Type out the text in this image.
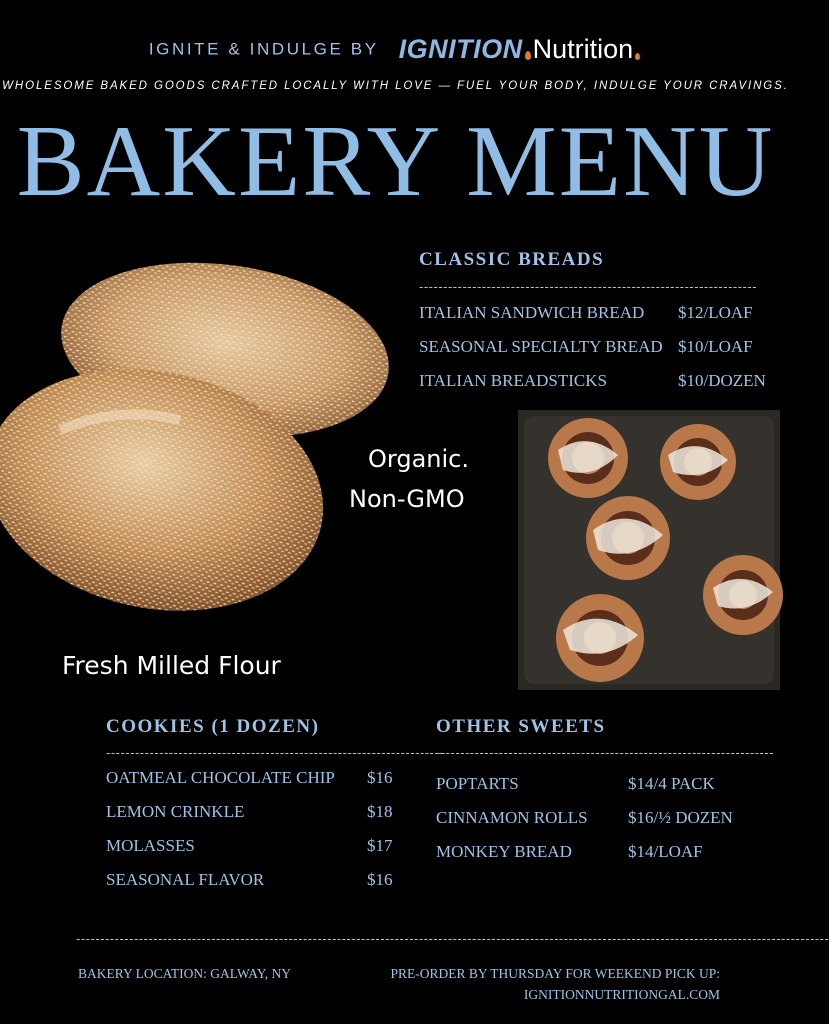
IGNITE & INDULGE BY IGNITION Nutrition
WHOLESOME BAKED GOODS CRAFTED LOCALLY WITH LOVE — FUEL YOUR BODY, INDULGE YOUR CRAVINGS.
BAKERY MENU
Organic.
Non-GMO
Fresh Milled Flour
CLASSIC BREADS
----------------------------------------------------------------------
ITALIAN SANDWICH BREAD $12/LOAF
SEASONAL SPECIALTY BREAD $10/LOAF
ITALIAN BREADSTICKS	$10/DOZEN
COOKIES (1 DOZEN)
----------------------------------------------------------------------
OATMEAL CHOCOLATE CHIP $16
LEMON CRINKLE	$18
MOLASSES	$17
SEASONAL FLAVOR	$16
OTHER SWEETS
----------------------------------------------------------------------
POPTARTS	$14/4 PACK
CINNAMON ROLLS $16/½ DOZEN
MONKEY BREAD	$14/LOAF
------------------------------------------------------------------------------------------------------------------------------------------------------------
BAKERY LOCATION: GALWAY, NY	PRE-ORDER BY THURSDAY FOR WEEKEND PICK UP:
IGNITIONNUTRITIONGAL.COM
